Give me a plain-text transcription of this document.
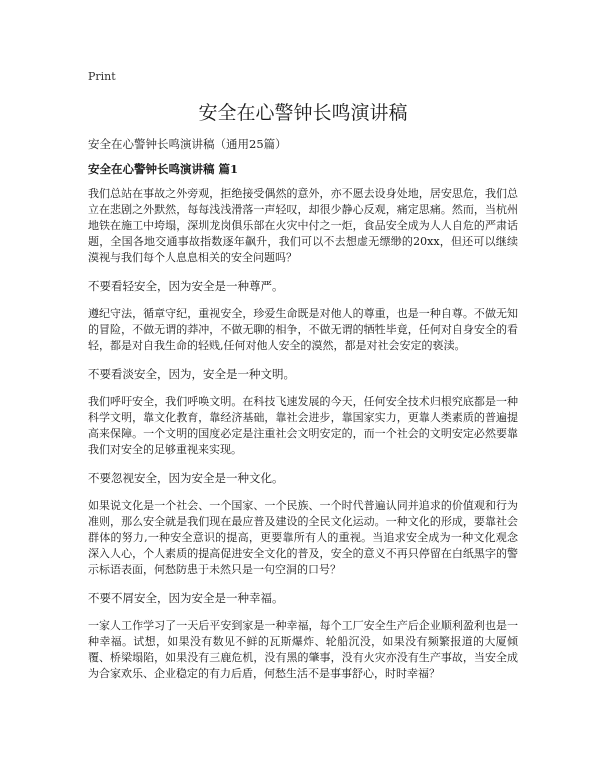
Print
安全在心警钟长鸣演讲稿
安全在心警钟长鸣演讲稿（通用25篇）
安全在心警钟长鸣演讲稿 篇1

我们总站在事故之外旁观，拒绝接受偶然的意外，亦不愿去设身处地，居安思危，我们总立在悲剧之外默然，每每浅浅滑落一声轻叹，却很少静心反观，痛定思痛。然而，当杭州地铁在施工中垮塌，深圳龙岗俱乐部在火灾中付之一炬，食品安全成为人人自危的严肃话题，全国各地交通事故指数逐年飙升，我们可以不去想虚无缥缈的20xx，但还可以继续漠视与我们每个人息息相关的安全问题吗？

不要看轻安全，因为安全是一种尊严。

遵纪守法，循章守纪，重视安全，珍爱生命既是对他人的尊重，也是一种自尊。不做无知的冒险，不做无谓的莽冲，不做无聊的相争，不做无谓的牺牲毕竟，任何对自身安全的看轻，都是对自我生命的轻贱,任何对他人安全的漠然，都是对社会安定的亵渎。

不要看淡安全，因为，安全是一种文明。

我们呼吁安全，我们呼唤文明。在科技飞速发展的今天，任何安全技术归根究底都是一种科学文明，靠文化教育，靠经济基础，靠社会进步，靠国家实力，更靠人类素质的普遍提高来保障。一个文明的国度必定是注重社会文明安定的，而一个社会的文明安定必然要靠我们对安全的足够重视来实现。

不要忽视安全，因为安全是一种文化。

如果说文化是一个社会、一个国家、一个民族、一个时代普遍认同并追求的价值观和行为准则，那么安全就是我们现在最应普及建设的全民文化运动。一种文化的形成，要靠社会群体的努力,一种安全意识的提高，更要靠所有人的重视。当追求安全成为一种文化观念深入人心，个人素质的提高促进安全文化的普及，安全的意义不再只停留在白纸黑字的警示标语表面，何愁防患于未然只是一句空洞的口号？

不要不屑安全，因为安全是一种幸福。

一家人工作学习了一天后平安到家是一种幸福，每个工厂安全生产后企业顺利盈利也是一种幸福。试想，如果没有数见不鲜的瓦斯爆炸、轮船沉没，如果没有频繁报道的大厦倾覆、桥梁塌陷，如果没有三鹿危机，没有黑的肇事，没有火灾亦没有生产事故，当安全成为合家欢乐、企业稳定的有力后盾，何愁生活不是事事舒心，时时幸福？
